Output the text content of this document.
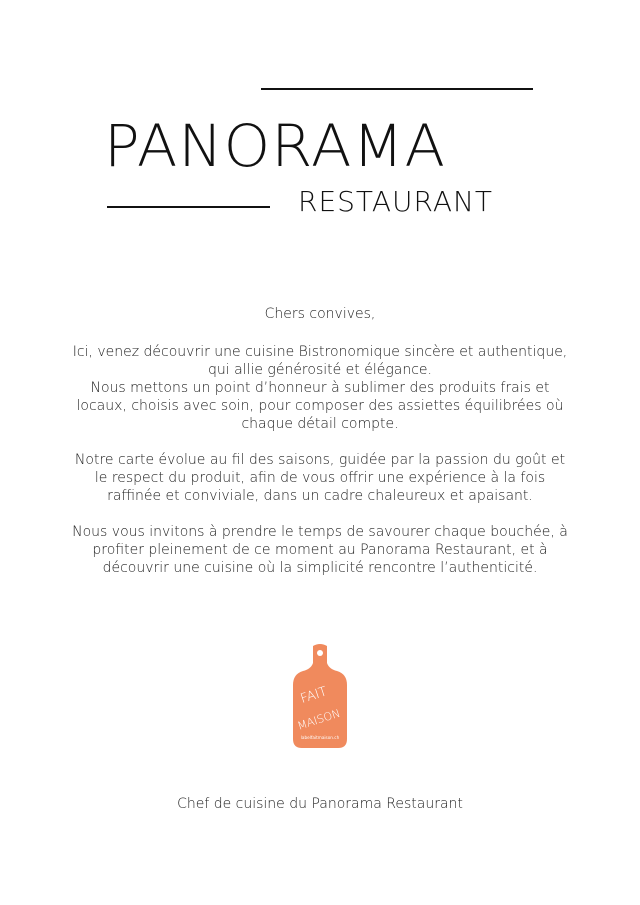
PANORAMA
RESTAURANT

Chers convives,

Ici, venez découvrir une cuisine Bistronomique sincère et authentique, qui allie générosité et élégance.

Nous mettons un point d’honneur à sublimer des produits frais et locaux, choisis avec soin, pour composer des assiettes équilibrées où chaque détail compte.

Notre carte évolue au fil des saisons, guidée par la passion du goût et le respect du produit, afin de vous offrir une expérience à la fois raffinée et conviviale, dans un cadre chaleureux et apaisant.

Nous vous invitons à prendre le temps de savourer chaque bouchée, à profiter pleinement de ce moment au Panorama Restaurant, et à découvrir une cuisine où la simplicité rencontre l’authenticité.

FAIT
MAISON
labelfaitmaison.ch
Chef de cuisine du Panorama Restaurant
